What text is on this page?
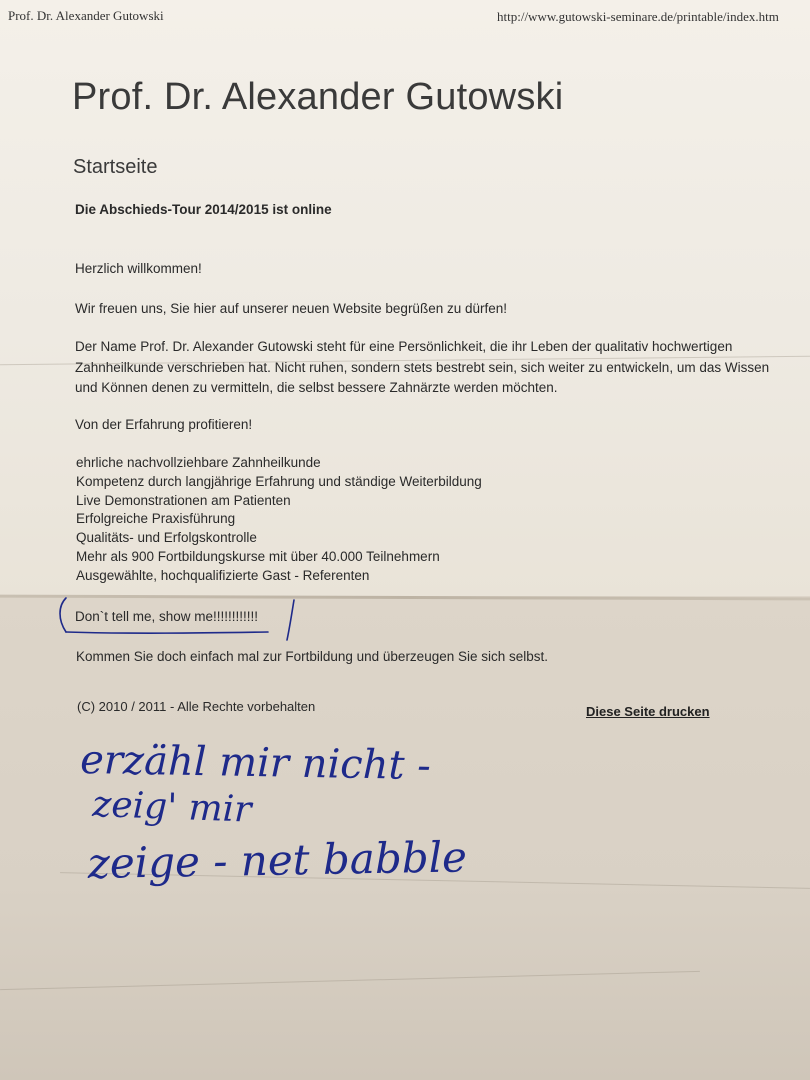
Prof. Dr. Alexander Gutowski	http://www.gutowski-seminare.de/printable/index.htm
Prof. Dr. Alexander Gutowski
Startseite
Die Abschieds-Tour 2014/2015 ist online
Herzlich willkommen!
Wir freuen uns, Sie hier auf unserer neuen Website begrüßen zu dürfen!
Der Name Prof. Dr. Alexander Gutowski steht für eine Persönlichkeit, die ihr Leben der qualitativ hochwertigen Zahnheilkunde verschrieben hat. Nicht ruhen, sondern stets bestrebt sein, sich weiter zu entwickeln, um das Wissen und Können denen zu vermitteln, die selbst bessere Zahnärzte werden möchten.
Von der Erfahrung profitieren!
ehrliche nachvollziehbare Zahnheilkunde
Kompetenz durch langjährige Erfahrung und ständige Weiterbildung
Live Demonstrationen am Patienten
Erfolgreiche Praxisführung
Qualitäts- und Erfolgskontrolle
Mehr als 900 Fortbildungskurse mit über 40.000 Teilnehmern
Ausgewählte, hochqualifizierte Gast - Referenten
Don`t tell me, show me!!!!!!!!!!!!
Kommen Sie doch einfach mal zur Fortbildung und überzeugen Sie sich selbst.
(C) 2010 / 2011 - Alle Rechte vorbehalten	Diese Seite drucken
erzähl mir nicht -
zeig' mir
zeige - net babble
